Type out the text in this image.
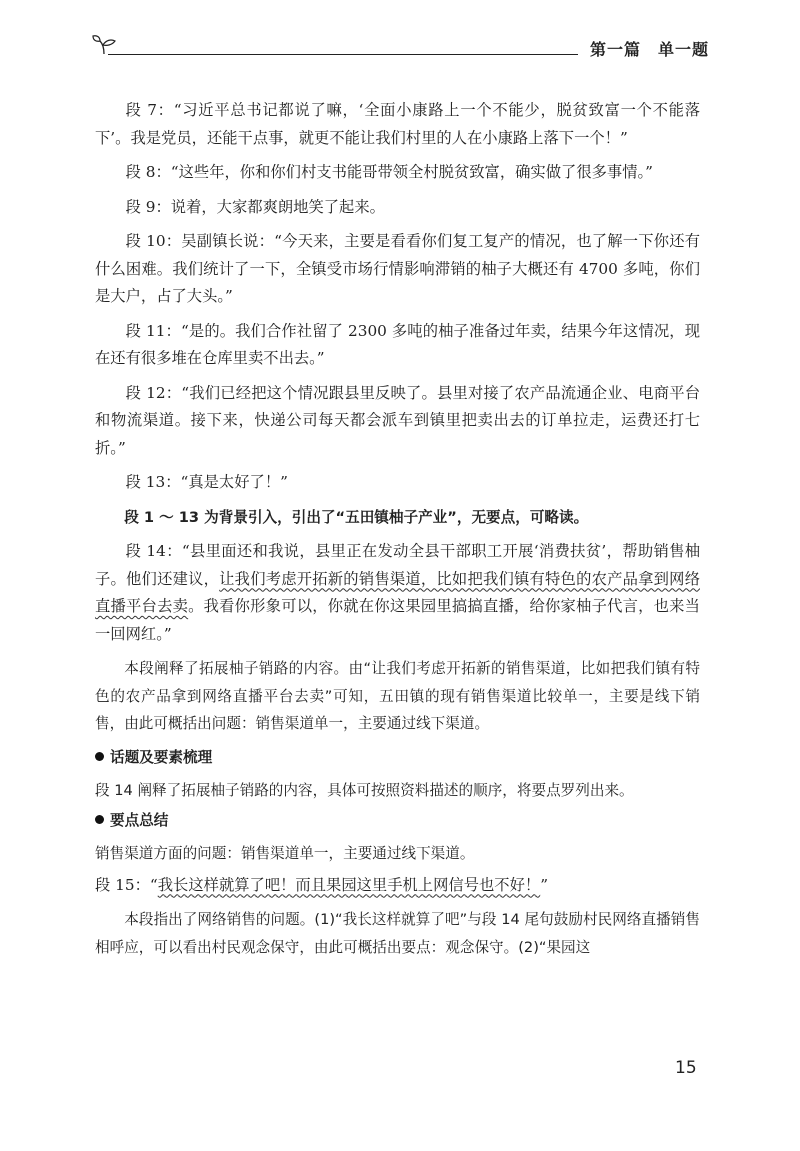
第一篇　单一题

段 7：“习近平总书记都说了嘛，‘全面小康路上一个不能少，脱贫致富一个不能落下’。我是党员，还能干点事，就更不能让我们村里的人在小康路上落下一个！”

段 8：“这些年，你和你们村支书能哥带领全村脱贫致富，确实做了很多事情。”

段 9：说着，大家都爽朗地笑了起来。

段 10：吴副镇长说：“今天来，主要是看看你们复工复产的情况，也了解一下你还有什么困难。我们统计了一下，全镇受市场行情影响滞销的柚子大概还有 4700 多吨，你们是大户，占了大头。”

段 11：“是的。我们合作社留了 2300 多吨的柚子准备过年卖，结果今年这情况，现在还有很多堆在仓库里卖不出去。”

段 12：“我们已经把这个情况跟县里反映了。县里对接了农产品流通企业、电商平台和物流渠道。接下来，快递公司每天都会派车到镇里把卖出去的订单拉走，运费还打七折。”

段 13：“真是太好了！”

段 1 ～ 13 为背景引入，引出了“五田镇柚子产业”，无要点，可略读。

段 14：“县里面还和我说，县里正在发动全县干部职工开展‘消费扶贫’，帮助销售柚子。他们还建议，让我们考虑开拓新的销售渠道，比如把我们镇有特色的农产品拿到网络直播平台去卖。我看你形象可以，你就在你这果园里搞搞直播，给你家柚子代言，也来当一回网红。”

本段阐释了拓展柚子销路的内容。由“让我们考虑开拓新的销售渠道，比如把我们镇有特色的农产品拿到网络直播平台去卖”可知，五田镇的现有销售渠道比较单一，主要是线下销售，由此可概括出问题：销售渠道单一，主要通过线下渠道。

话题及要素梳理

段 14 阐释了拓展柚子销路的内容，具体可按照资料描述的顺序，将要点罗列出来。

要点总结

销售渠道方面的问题：销售渠道单一，主要通过线下渠道。

段 15：“我长这样就算了吧！而且果园这里手机上网信号也不好！”

本段指出了网络销售的问题。(1)“我长这样就算了吧”与段 14 尾句鼓励村民网络直播销售相呼应，可以看出村民观念保守，由此可概括出要点：观念保守。(2)“果园这

15
